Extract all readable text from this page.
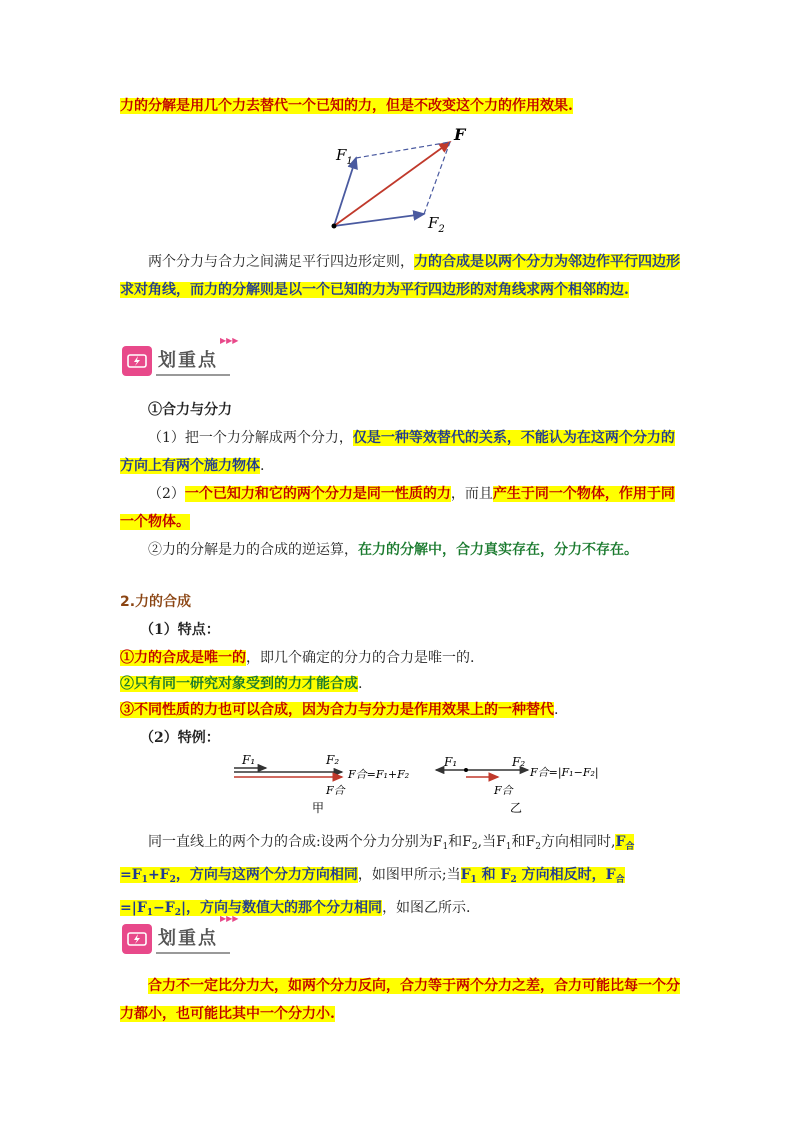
力的分解是用几个力去替代一个已知的力，但是不改变这个力的作用效果.

F
$F_1$
$F_2$

两个分力与合力之间满足平行四边形定则，力的合成是以两个分力为邻边作平行四边形求对角线，而力的分解则是以一个已知的力为平行四边形的对角线求两个相邻的边.

划重点
▶▶▶

①合力与分力

（1）把一个力分解成两个分力，仅是一种等效替代的关系，不能认为在这两个分力的方向上有两个施力物体.

（2）一个已知力和它的两个分力是同一性质的力，而且产生于同一个物体，作用于同一个物体。

②力的分解是力的合成的逆运算，在力的分解中，合力真实存在，分力不存在。

2.力的合成

（1）特点：

①力的合成是唯一的，即几个确定的分力的合力是唯一的.

②只有同一研究对象受到的力才能合成.

③不同性质的力也可以合成，因为合力与分力是作用效果上的一种替代.

（2）特例：

F₁	F₂
F合
F合=F₁+F₂
甲
F₁	F₂
F合
F合=|F₁−F₂|
乙

同一直线上的两个力的合成:设两个分力分别为$F_1$和$F_2$,当$F_1$和$F_2$方向相同时$,F_合=F_1+F_2$，方向与这两个分力方向相同，如图甲所示;当$F_1$ 和 $F_2$ 方向相反时，$F_合=|F_1-F_2|$，方向与数值大的那个分力相同，如图乙所示.

划重点
▶▶▶

合力不一定比分力大，如两个分力反向，合力等于两个分力之差，合力可能比每一个分力都小，也可能比其中一个分力小.
